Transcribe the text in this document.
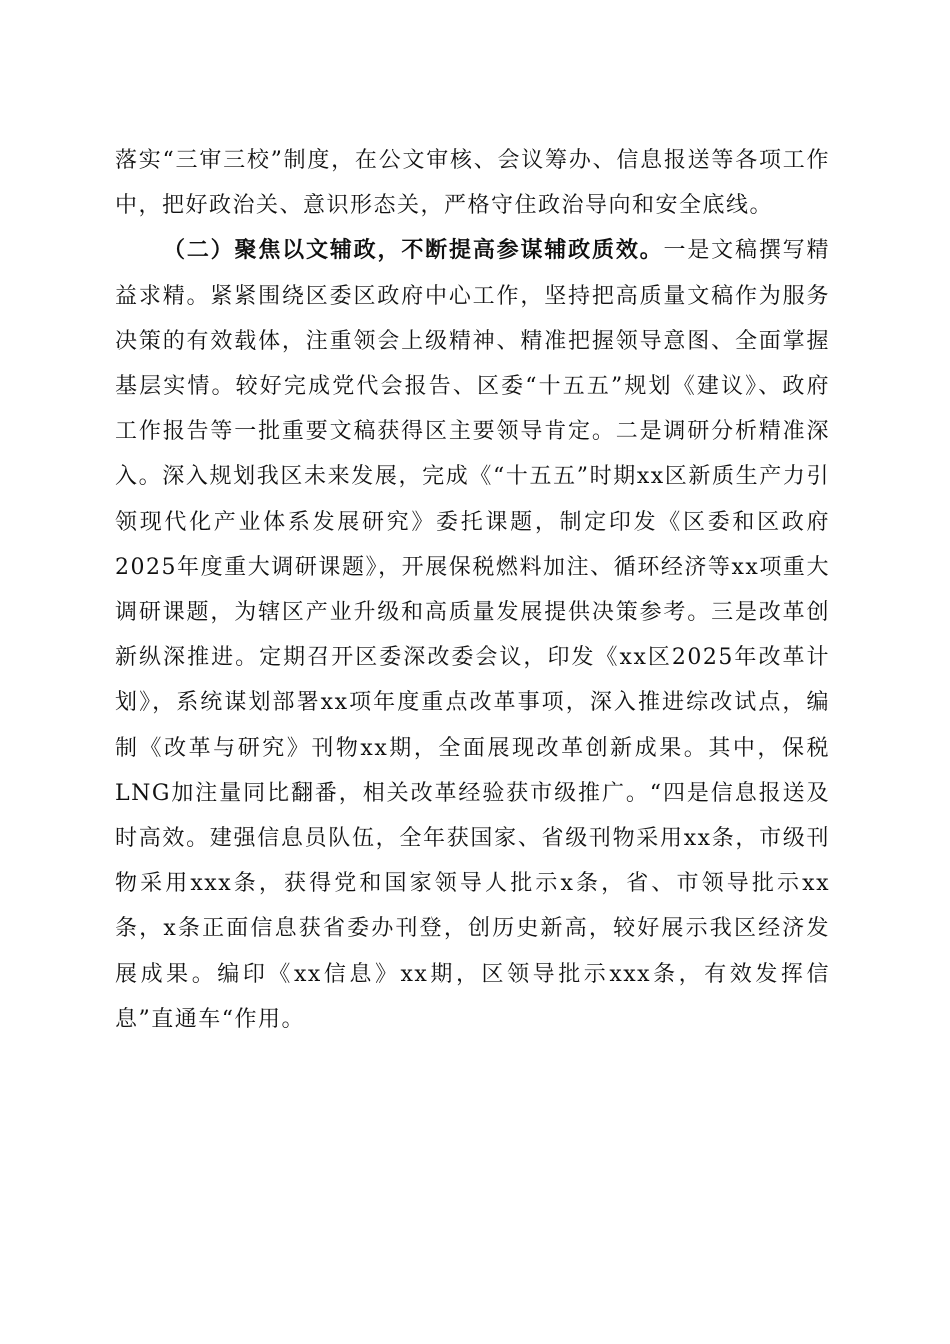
落实“三审三校”制度，在公文审核、会议筹办、信息报送等各项工作中，把好政治关、意识形态关，严格守住政治导向和安全底线。

（二）聚焦以文辅政，不断提高参谋辅政质效。一是文稿撰写精益求精。紧紧围绕区委区政府中心工作，坚持把高质量文稿作为服务决策的有效载体，注重领会上级精神、精准把握领导意图、全面掌握基层实情。较好完成党代会报告、区委“十五五”规划《建议》、政府工作报告等一批重要文稿获得区主要领导肯定。二是调研分析精准深入。深入规划我区未来发展，完成《“十五五”时期xx区新质生产力引领现代化产业体系发展研究》委托课题，制定印发《区委和区政府2025年度重大调研课题》，开展保税燃料加注、循环经济等xx项重大调研课题，为辖区产业升级和高质量发展提供决策参考。三是改革创新纵深推进。定期召开区委深改委会议，印发《xx区2025年改革计划》，系统谋划部署xx项年度重点改革事项，深入推进综改试点，编制《改革与研究》刊物xx期，全面展现改革创新成果。其中，保税LNG加注量同比翻番，相关改革经验获市级推广。“四是信息报送及时高效。建强信息员队伍，全年获国家、省级刊物采用xx条，市级刊物采用xxx条，获得党和国家领导人批示x条，省、市领导批示xx条，x条正面信息获省委办刊登，创历史新高，较好展示我区经济发展成果。编印《xx信息》xx期，区领导批示xxx条，有效发挥信息”直通车“作用。
